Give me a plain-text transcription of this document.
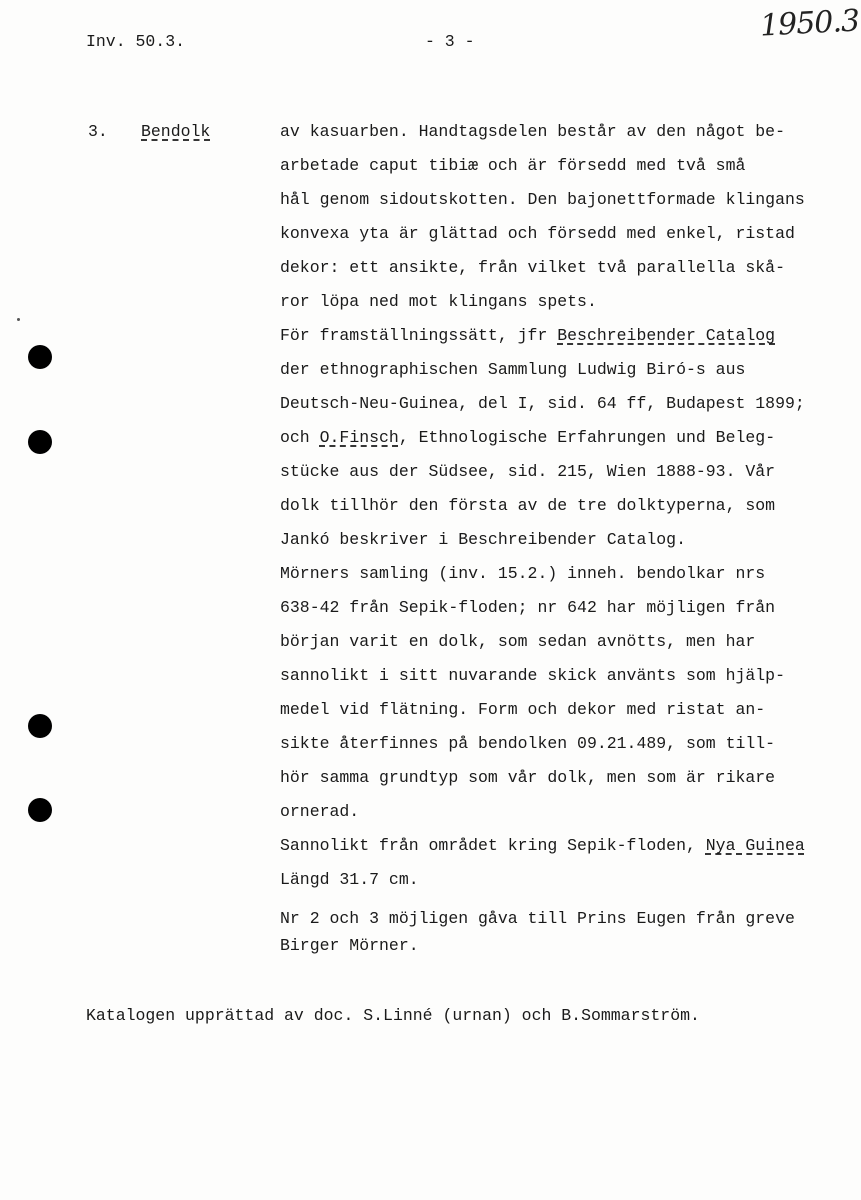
Inv. 50.3.	- 3 -	1950.3
3. Bendolk	av kasuarben. Handtagsdelen består av den något be-
arbetade caput tibiæ och är försedd med två små
hål genom sidoutskotten. Den bajonettformade klingans
konvexa yta är glättad och försedd med enkel, ristad
dekor: ett ansikte, från vilket två parallella skå-
ror löpa ned mot klingans spets.
För framställningssätt, jfr Beschreibender Catalog
der ethnographischen Sammlung Ludwig Biró-s aus
Deutsch-Neu-Guinea, del I, sid. 64 ff, Budapest 1899;
och O.Finsch, Ethnologische Erfahrungen und Beleg-
stücke aus der Südsee, sid. 215, Wien 1888-93. Vår
dolk tillhör den första av de tre dolktyperna, som
Jankó beskriver i Beschreibender Catalog.
Mörners samling (inv. 15.2.) inneh. bendolkar nrs
638-42 från Sepik-floden; nr 642 har möjligen från
början varit en dolk, som sedan avnötts, men har
sannolikt i sitt nuvarande skick använts som hjälp-
medel vid flätning. Form och dekor med ristat an-
sikte återfinnes på bendolken 09.21.489, som till-
hör samma grundtyp som vår dolk, men som är rikare
ornerad.
Sannolikt från området kring Sepik-floden, Nya Guinea
Längd 31.7 cm.
Nr 2 och 3 möjligen gåva till Prins Eugen från greve
Birger Mörner.
Katalogen upprättad av doc. S.Linné (urnan) och B.Sommarström.
